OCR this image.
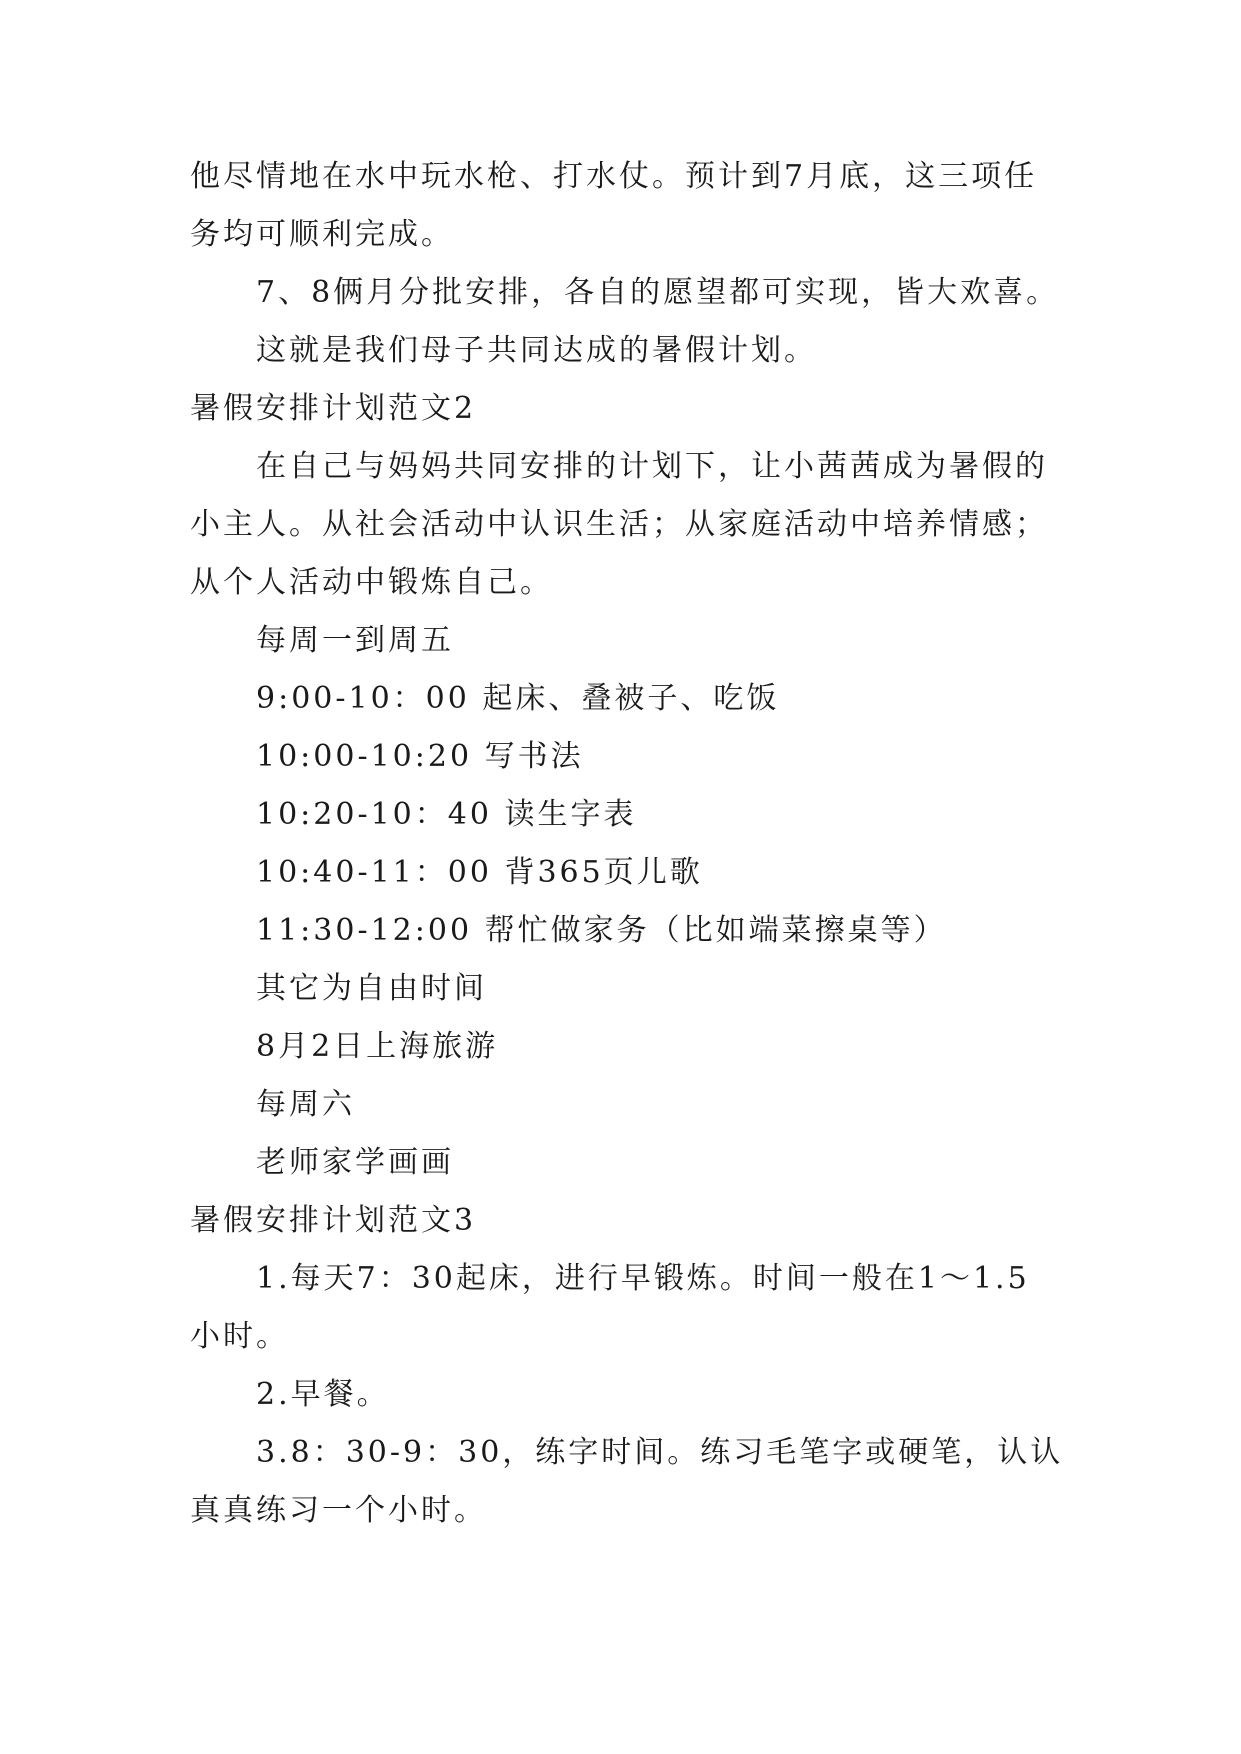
他尽情地在水中玩水枪、打水仗。预计到7月底，这三项任
务均可顺利完成。
7、8俩月分批安排，各自的愿望都可实现，皆大欢喜。
这就是我们母子共同达成的暑假计划。
暑假安排计划范文2
在自己与妈妈共同安排的计划下，让小茜茜成为暑假的
小主人。从社会活动中认识生活；从家庭活动中培养情感；
从个人活动中锻炼自己。
每周一到周五
9:00-10：00 起床、叠被子、吃饭
10:00-10:20 写书法
10:20-10：40 读生字表
10:40-11：00 背365页儿歌
11:30-12:00 帮忙做家务（比如端菜擦桌等）
其它为自由时间
8月2日上海旅游
每周六
老师家学画画
暑假安排计划范文3
1.每天7：30起床，进行早锻炼。时间一般在1～1.5
小时。
2.早餐。
3.8：30-9：30，练字时间。练习毛笔字或硬笔，认认
真真练习一个小时。
